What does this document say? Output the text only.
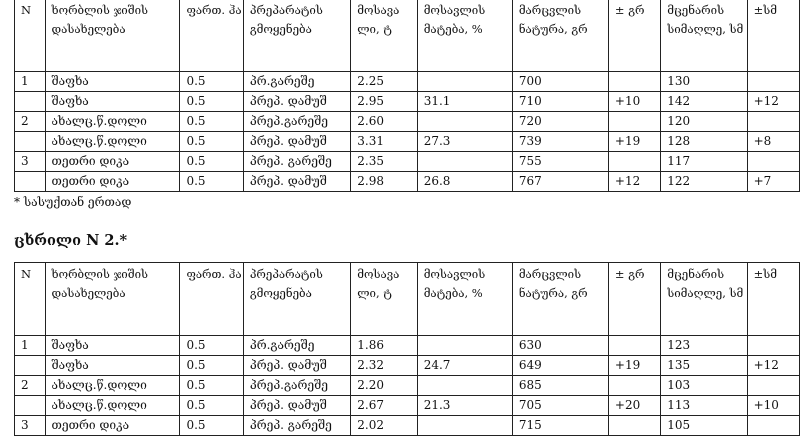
N	ხორბლის ჯიშის დასახელება	ფართ. ჰა	პრეპარატის გმოყენება	მოსავა ლი, ტ	მოსავლის მატება, %	მარცვლის ნატურა, გრ	± გრ	მცენარის სიმაღლე, სმ	±სმ
1	შაფხა	0.5	პრ.გარეშე	2.25		700		130	
	შაფხა	0.5	პრეპ. დამუშ	2.95	31.1	710	+10	142	+12
2	ახალც.წ.დოლი	0.5	პრეპ.გარეშე	2.60		720		120	
	ახალც.წ.დოლი	0.5	პრეპ. დამუშ	3.31	27.3	739	+19	128	+8
3	თეთრი დიკა	0.5	პრეპ. გარეშე	2.35		755		117	
	თეთრი დიკა	0.5	პრეპ. დამუშ	2.98	26.8	767	+12	122	+7
* სასუქთან ერთად
ცხრილი N 2.*
N	ხორბლის ჯიშის დასახელება	ფართ. ჰა	პრეპარატის გმოყენება	მოსავა ლი, ტ	მოსავლის მატება, %	მარცვლის ნატურა, გრ	± გრ	მცენარის სიმაღლე, სმ	±სმ
1	შაფხა	0.5	პრ.გარეშე	1.86		630		123	
	შაფხა	0.5	პრეპ. დამუშ	2.32	24.7	649	+19	135	+12
2	ახალც.წ.დოლი	0.5	პრეპ.გარეშე	2.20		685		103	
	ახალც.წ.დოლი	0.5	პრეპ. დამუშ	2.67	21.3	705	+20	113	+10
3	თეთრი დიკა	0.5	პრეპ. გარეშე	2.02		715		105	
